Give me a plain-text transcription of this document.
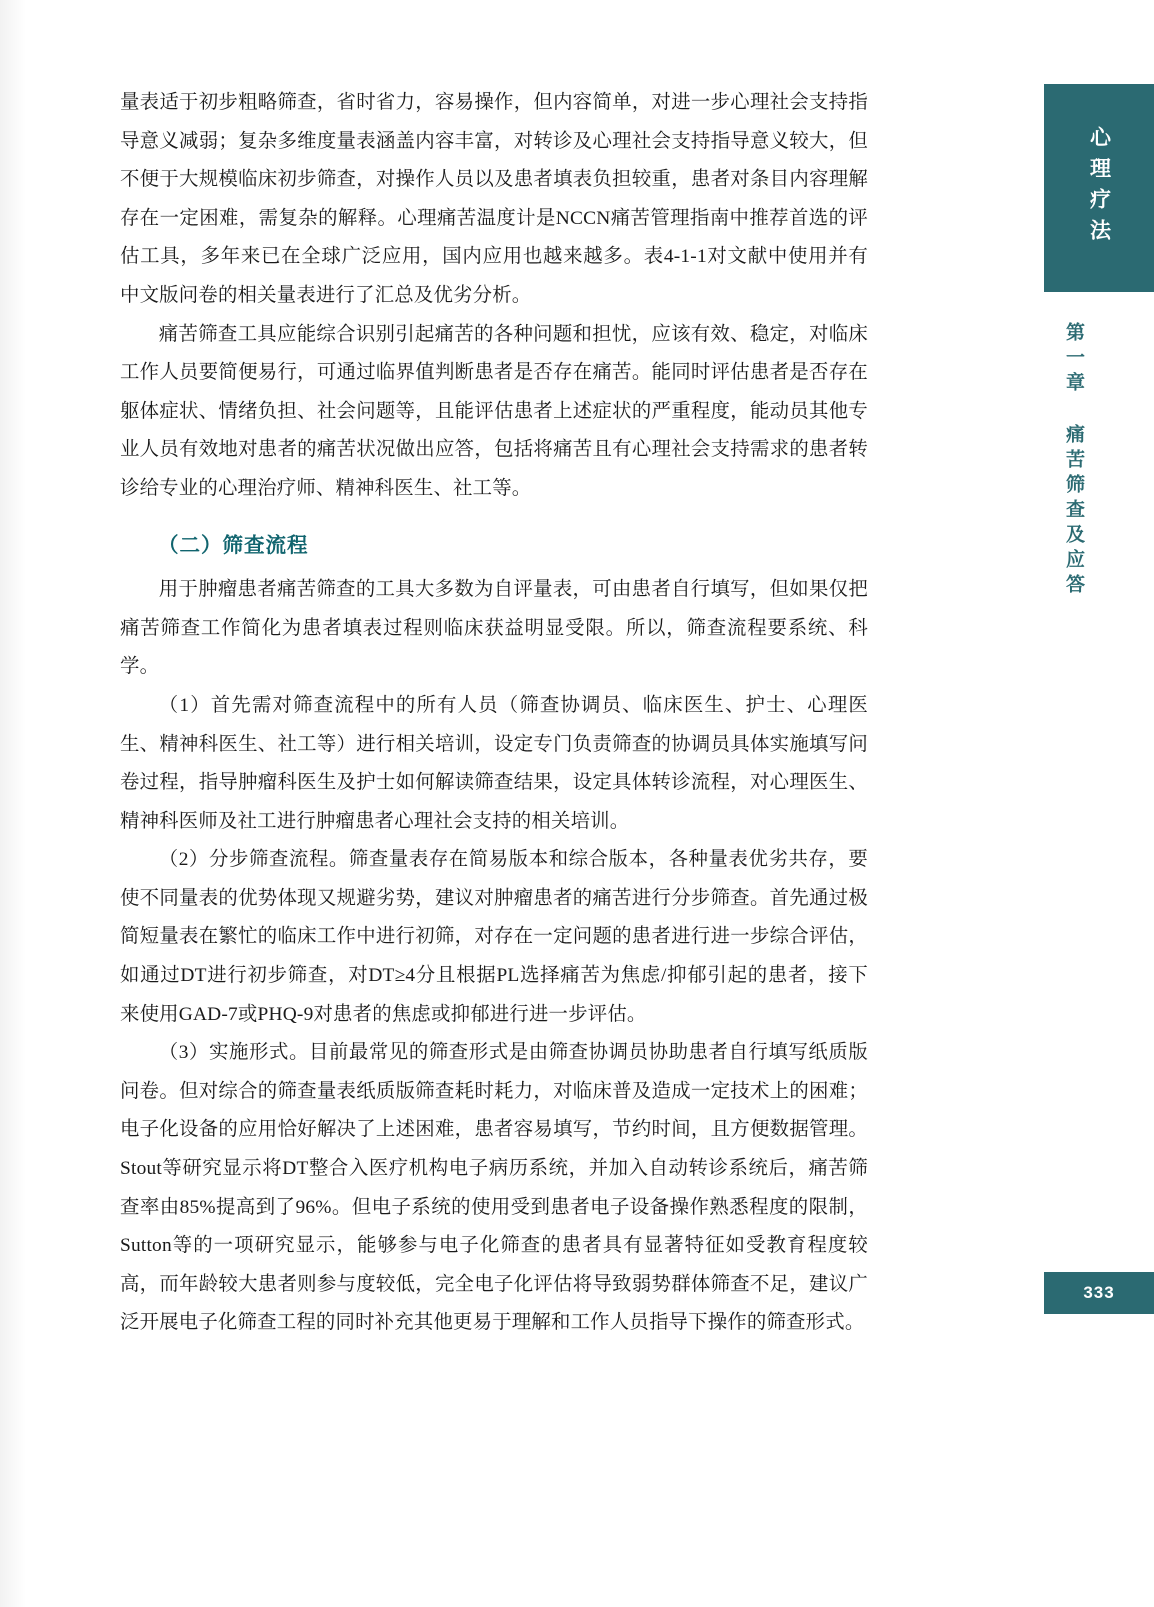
量表适于初步粗略筛查，省时省力，容易操作，但内容简单，对进一步心理社会支持指导意义减弱；复杂多维度量表涵盖内容丰富，对转诊及心理社会支持指导意义较大，但不便于大规模临床初步筛查，对操作人员以及患者填表负担较重，患者对条目内容理解存在一定困难，需复杂的解释。心理痛苦温度计是NCCN痛苦管理指南中推荐首选的评估工具，多年来已在全球广泛应用，国内应用也越来越多。表4-1-1对文献中使用并有中文版问卷的相关量表进行了汇总及优劣分析。

痛苦筛查工具应能综合识别引起痛苦的各种问题和担忧，应该有效、稳定，对临床工作人员要简便易行，可通过临界值判断患者是否存在痛苦。能同时评估患者是否存在躯体症状、情绪负担、社会问题等，且能评估患者上述症状的严重程度，能动员其他专业人员有效地对患者的痛苦状况做出应答，包括将痛苦且有心理社会支持需求的患者转诊给专业的心理治疗师、精神科医生、社工等。

（二）筛查流程

用于肿瘤患者痛苦筛查的工具大多数为自评量表，可由患者自行填写，但如果仅把痛苦筛查工作简化为患者填表过程则临床获益明显受限。所以，筛查流程要系统、科学。

（1）首先需对筛查流程中的所有人员（筛查协调员、临床医生、护士、心理医生、精神科医生、社工等）进行相关培训，设定专门负责筛查的协调员具体实施填写问卷过程，指导肿瘤科医生及护士如何解读筛查结果，设定具体转诊流程，对心理医生、精神科医师及社工进行肿瘤患者心理社会支持的相关培训。

（2）分步筛查流程。筛查量表存在简易版本和综合版本，各种量表优劣共存，要使不同量表的优势体现又规避劣势，建议对肿瘤患者的痛苦进行分步筛查。首先通过极简短量表在繁忙的临床工作中进行初筛，对存在一定问题的患者进行进一步综合评估，如通过DT进行初步筛查，对DT≥4分且根据PL选择痛苦为焦虑/抑郁引起的患者，接下来使用GAD-7或PHQ-9对患者的焦虑或抑郁进行进一步评估。

（3）实施形式。目前最常见的筛查形式是由筛查协调员协助患者自行填写纸质版问卷。但对综合的筛查量表纸质版筛查耗时耗力，对临床普及造成一定技术上的困难；电子化设备的应用恰好解决了上述困难，患者容易填写，节约时间，且方便数据管理。Stout等研究显示将DT整合入医疗机构电子病历系统，并加入自动转诊系统后，痛苦筛查率由85%提高到了96%。但电子系统的使用受到患者电子设备操作熟悉程度的限制，Sutton等的一项研究显示，能够参与电子化筛查的患者具有显著特征如受教育程度较高，而年龄较大患者则参与度较低，完全电子化评估将导致弱势群体筛查不足，建议广泛开展电子化筛查工程的同时补充其他更易于理解和工作人员指导下操作的筛查形式。

心理疗法
第一章 痛苦筛查及应答
333
